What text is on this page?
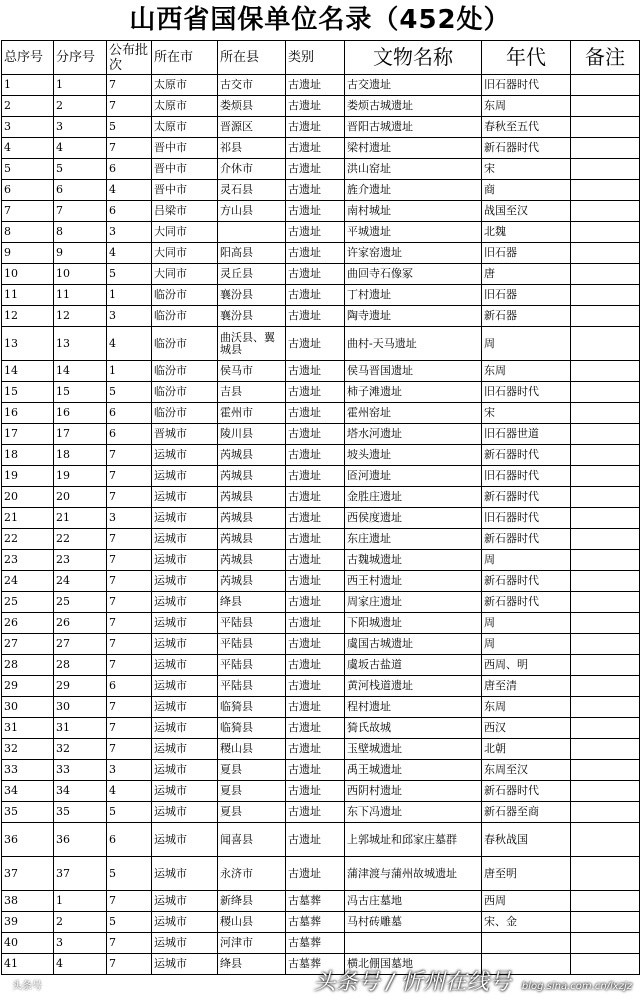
山西省国保单位名录（452处）
总序号	分序号	公布批次	所在市	所在县	类别	文物名称	年代	备注
1	1	7	太原市	古交市	古遗址	古交遗址	旧石器时代	
2	2	7	太原市	娄烦县	古遗址	娄烦古城遗址	东周	
3	3	5	太原市	晋源区	古遗址	晋阳古城遗址	春秋至五代	
4	4	7	晋中市	祁县	古遗址	梁村遗址	新石器时代	
5	5	6	晋中市	介休市	古遗址	洪山窑址	宋	
6	6	4	晋中市	灵石县	古遗址	旌介遗址	商	
7	7	6	吕梁市	方山县	古遗址	南村城址	战国至汉	
8	8	3	大同市		古遗址	平城遗址	北魏	
9	9	4	大同市	阳高县	古遗址	许家窑遗址	旧石器	
10	10	5	大同市	灵丘县	古遗址	曲回寺石像冢	唐	
11	11	1	临汾市	襄汾县	古遗址	丁村遗址	旧石器	
12	12	3	临汾市	襄汾县	古遗址	陶寺遗址	新石器	
13	13	4	临汾市	曲沃县、翼城县	古遗址	曲村-天马遗址	周	
14	14	1	临汾市	侯马市	古遗址	侯马晋国遗址	东周	
15	15	5	临汾市	吉县	古遗址	柿子滩遗址	旧石器时代	
16	16	6	临汾市	霍州市	古遗址	霍州窑址	宋	
17	17	6	晋城市	陵川县	古遗址	塔水河遗址	旧石器世道	
18	18	7	运城市	芮城县	古遗址	坡头遗址	新石器时代	
19	19	7	运城市	芮城县	古遗址	匼河遗址	旧石器时代	
20	20	7	运城市	芮城县	古遗址	金胜庄遗址	新石器时代	
21	21	3	运城市	芮城县	古遗址	西侯度遗址	旧石器时代	
22	22	7	运城市	芮城县	古遗址	东庄遗址	新石器时代	
23	23	7	运城市	芮城县	古遗址	古魏城遗址	周	
24	24	7	运城市	芮城县	古遗址	西王村遗址	新石器时代	
25	25	7	运城市	绛县	古遗址	周家庄遗址	新石器时代	
26	26	7	运城市	平陆县	古遗址	下阳城遗址	周	
27	27	7	运城市	平陆县	古遗址	虞国古城遗址	周	
28	28	7	运城市	平陆县	古遗址	虞坂古盐道	西周、明	
29	29	6	运城市	平陆县	古遗址	黄河栈道遗址	唐至清	
30	30	7	运城市	临猗县	古遗址	程村遗址	东周	
31	31	7	运城市	临猗县	古遗址	猗氏故城	西汉	
32	32	7	运城市	稷山县	古遗址	玉壁城遗址	北朝	
33	33	3	运城市	夏县	古遗址	禹王城遗址	东周至汉	
34	34	4	运城市	夏县	古遗址	西阴村遗址	新石器时代	
35	35	5	运城市	夏县	古遗址	东下冯遗址	新石器至商	
36	36	6	运城市	闻喜县	古遗址	上郭城址和邱家庄墓群	春秋战国	
37	37	5	运城市	永济市	古遗址	蒲津渡与蒲州故城遗址	唐至明	
38	1	7	运城市	新绛县	古墓葬	冯古庄墓地	西周	
39	2	5	运城市	稷山县	古墓葬	马村砖雕墓	宋、金	
40	3	7	运城市	河津市	古墓葬			
41	4	7	运城市	绛县	古墓葬	横北倗国墓地		
头条号	头条号 / 忻州在线号 blog.sina.com.cn/lxzjz
